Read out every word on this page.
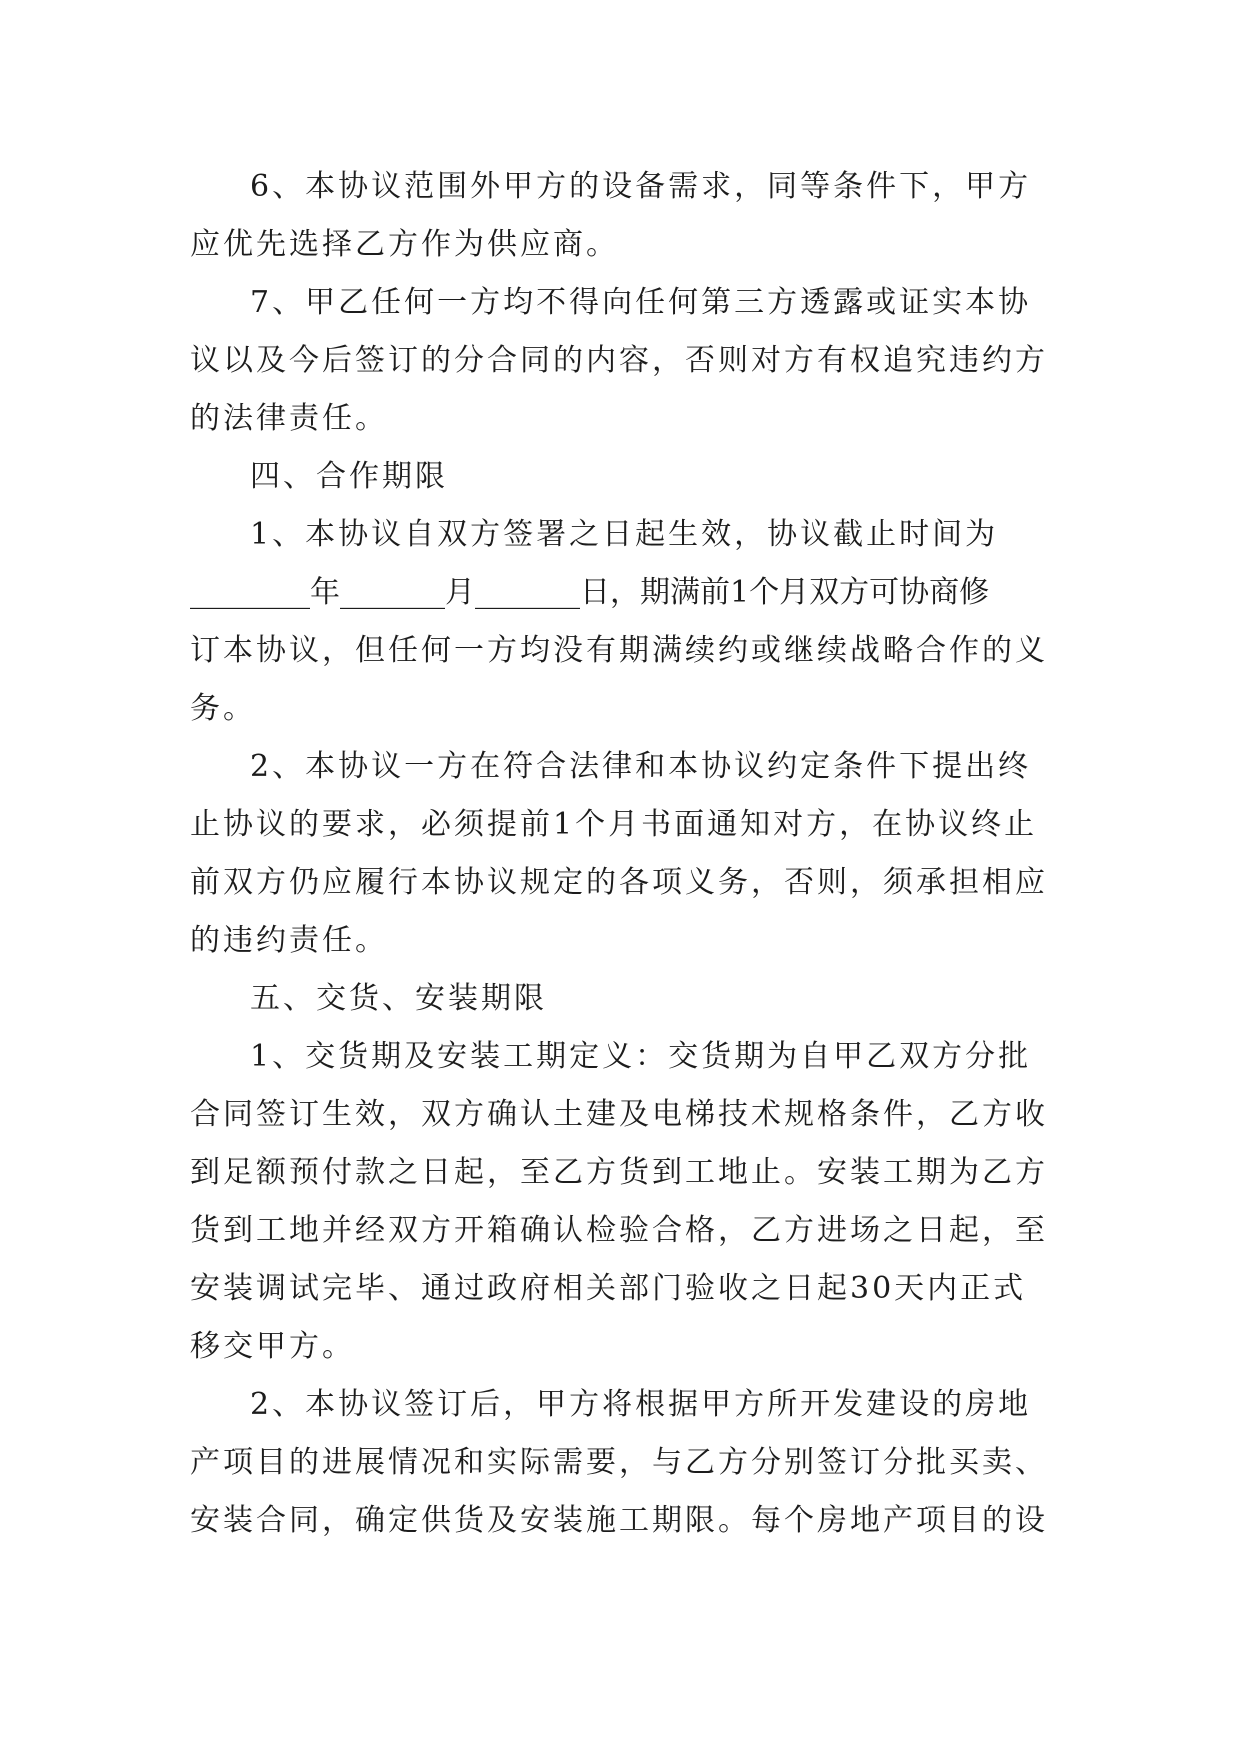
6、本协议范围外甲方的设备需求，同等条件下，甲方

应优先选择乙方作为供应商。

7、甲乙任何一方均不得向任何第三方透露或证实本协

议以及今后签订的分合同的内容，否则对方有权追究违约方

的法律责任。

四、合作期限

1、本协议自双方签署之日起生效，协议截止时间为

________年_______月_______日，期满前1个月双方可协商修

订本协议，但任何一方均没有期满续约或继续战略合作的义

务。

2、本协议一方在符合法律和本协议约定条件下提出终

止协议的要求，必须提前1个月书面通知对方，在协议终止

前双方仍应履行本协议规定的各项义务，否则，须承担相应

的违约责任。

五、交货、安装期限

1、交货期及安装工期定义：交货期为自甲乙双方分批

合同签订生效，双方确认土建及电梯技术规格条件，乙方收

到足额预付款之日起，至乙方货到工地止。安装工期为乙方

货到工地并经双方开箱确认检验合格，乙方进场之日起，至

安装调试完毕、通过政府相关部门验收之日起30天内正式

移交甲方。

2、本协议签订后，甲方将根据甲方所开发建设的房地

产项目的进展情况和实际需要，与乙方分别签订分批买卖、

安装合同，确定供货及安装施工期限。每个房地产项目的设
